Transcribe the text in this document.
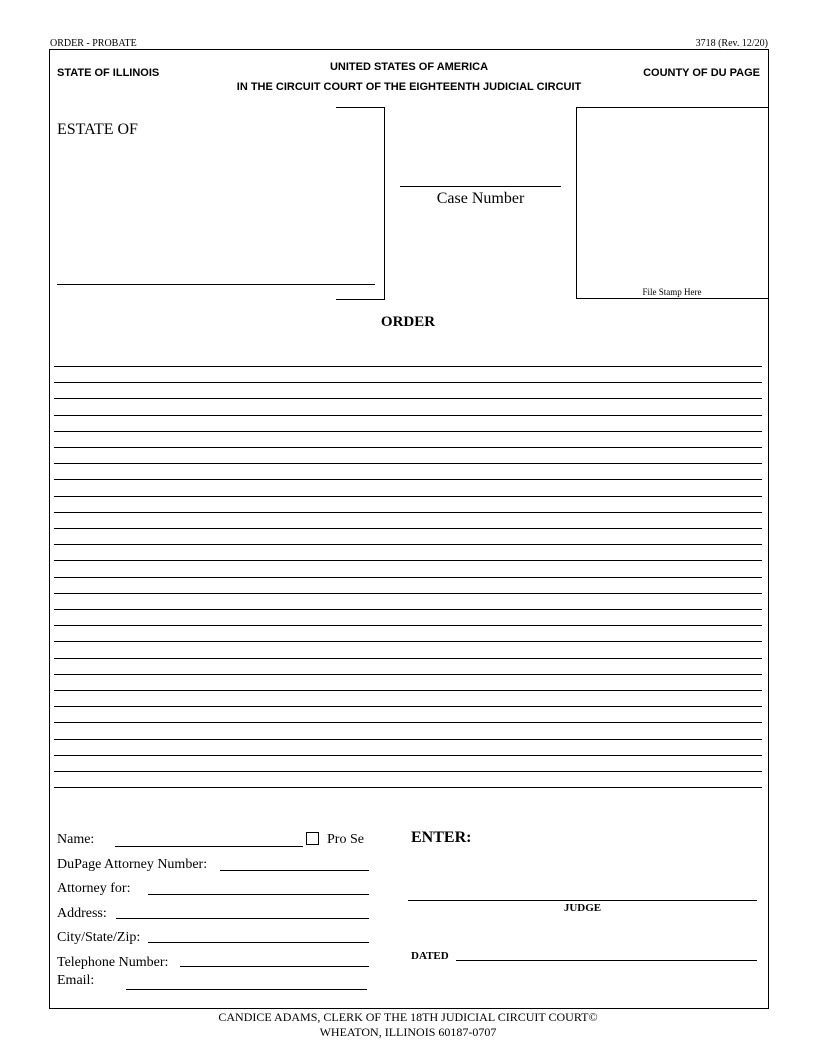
ORDER - PROBATE	3718 (Rev. 12/20)
STATE OF ILLINOIS	UNITED STATES OF AMERICA
IN THE CIRCUIT COURT OF THE EIGHTEENTH JUDICIAL CIRCUIT
COUNTY OF DU PAGE
ESTATE OF
Case Number
File Stamp Here
ORDER
Name:	Pro Se
DuPage Attorney Number:
Attorney for:
Address:
City/State/Zip:
Telephone Number:
Email:
ENTER:
JUDGE
DATED
CANDICE ADAMS, CLERK OF THE 18TH JUDICIAL CIRCUIT COURT©
WHEATON, ILLINOIS 60187-0707
